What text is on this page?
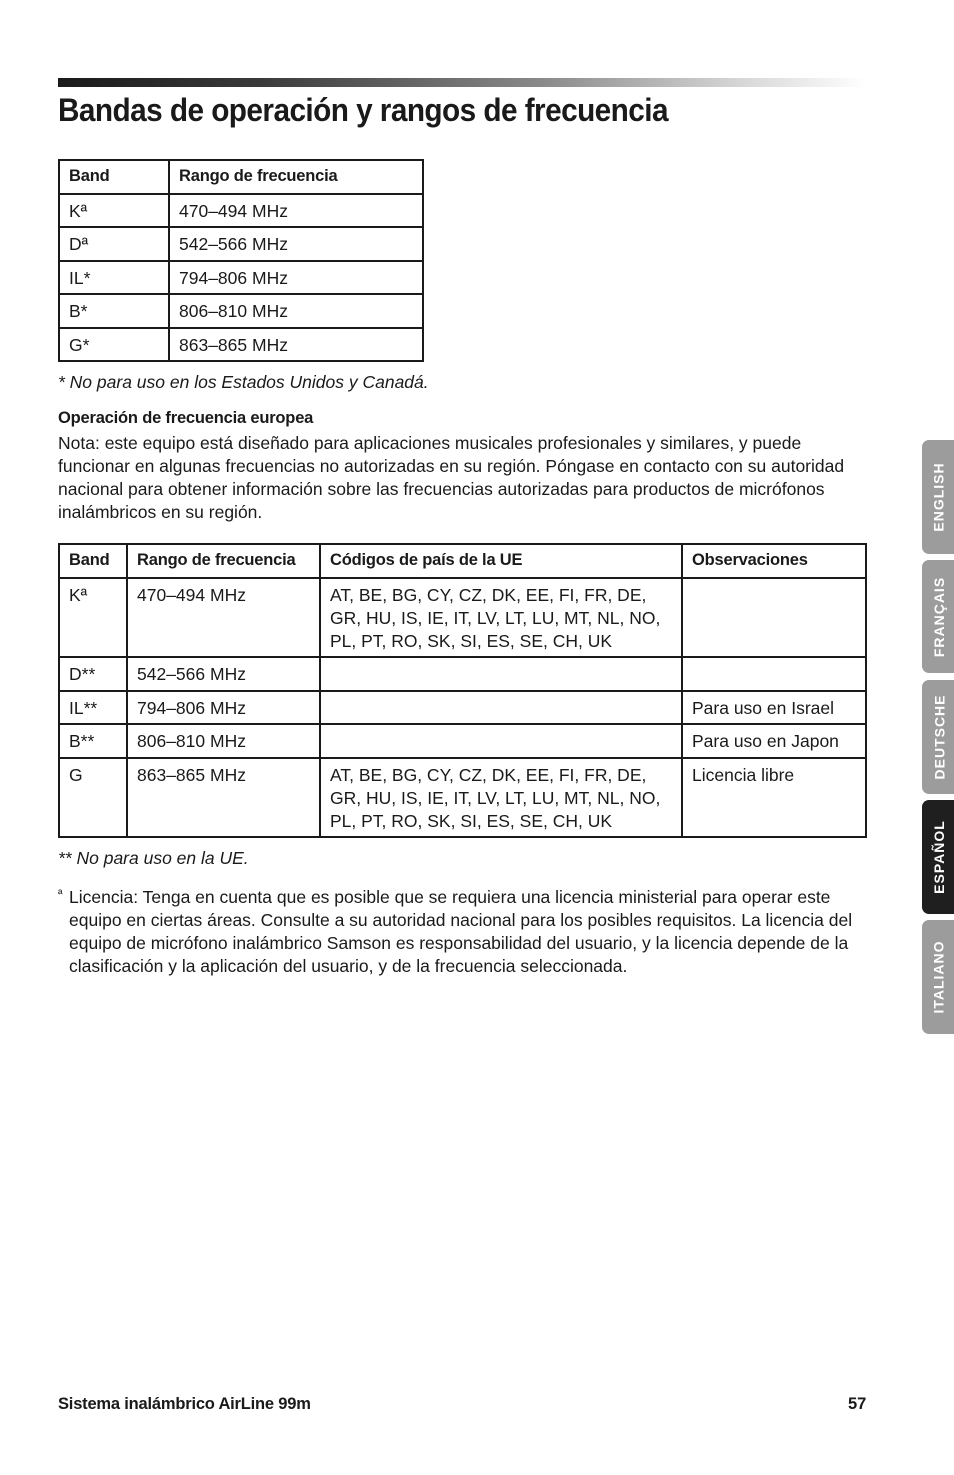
Bandas de operación y rangos de frecuencia
Band	Rango de frecuencia
Kª	470–494 MHz
Dª	542–566 MHz
IL*	794–806 MHz
B*	806–810 MHz
G*	863–865 MHz

* No para uso en los Estados Unidos y Canadá.

Operación de frecuencia europea

Nota: este equipo está diseñado para aplicaciones musicales profesionales y similares, y puede funcionar en algunas frecuencias no autorizadas en su región. Póngase en contacto con su autoridad nacional para obtener información sobre las frecuencias autorizadas para productos de micrófonos inalámbricos en su región.

Band	Rango de frecuencia	Códigos de país de la UE	Observaciones
Kª	470–494 MHz	AT, BE, BG, CY, CZ, DK, EE, FI, FR, DE, GR, HU, IS, IE, IT, LV, LT, LU, MT, NL, NO, PL, PT, RO, SK, SI, ES, SE, CH, UK	
D**	542–566 MHz		
IL**	794–806 MHz		Para uso en Israel
B**	806–810 MHz		Para uso en Japon
G	863–865 MHz	AT, BE, BG, CY, CZ, DK, EE, FI, FR, DE, GR, HU, IS, IE, IT, LV, LT, LU, MT, NL, NO, PL, PT, RO, SK, SI, ES, SE, CH, UK	Licencia libre

** No para uso en la UE.

ª Licencia: Tenga en cuenta que es posible que se requiera una licencia ministerial para operar este equipo en ciertas áreas. Consulte a su autoridad nacional para los posibles requisitos. La licencia del equipo de micrófono inalámbrico Samson es responsabilidad del usuario, y la licencia depende de la clasificación y la aplicación del usuario, y de la frecuencia seleccionada.
ENGLISH
FRANÇAIS
DEUTSCHE
ESPAÑOL
ITALIANO
Sistema inalámbrico AirLine 99m	57
